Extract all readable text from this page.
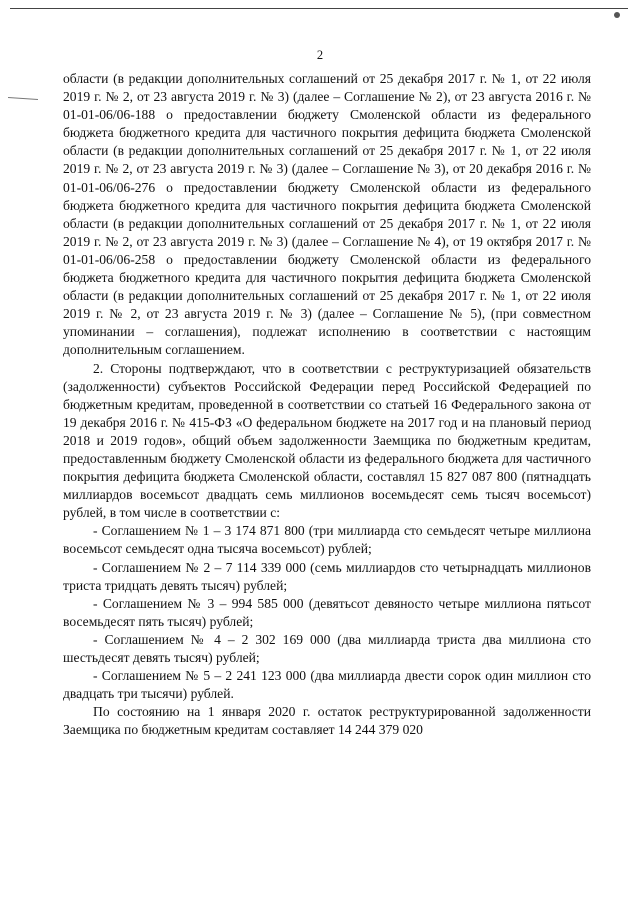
2

области (в редакции дополнительных соглашений от 25 декабря 2017 г. № 1, от 22 июля 2019 г. № 2, от 23 августа 2019 г. № 3) (далее – Соглашение № 2), от 23 августа 2016 г. № 01-01-06/06-188 о предоставлении бюджету Смоленской области из федерального бюджета бюджетного кредита для частичного покрытия дефицита бюджета Смоленской области (в редакции дополнительных соглашений от 25 декабря 2017 г. № 1, от 22 июля 2019 г. № 2, от 23 августа 2019 г. № 3) (далее – Соглашение № 3), от 20 декабря 2016 г. № 01-01-06/06-276 о предоставлении бюджету Смоленской области из федерального бюджета бюджетного кредита для частичного покрытия дефицита бюджета Смоленской области (в редакции дополнительных соглашений от 25 декабря 2017 г. № 1, от 22 июля 2019 г. № 2, от 23 августа 2019 г. № 3) (далее – Соглашение № 4), от 19 октября 2017 г. № 01-01-06/06-258 о предоставлении бюджету Смоленской области из федерального бюджета бюджетного кредита для частичного покрытия дефицита бюджета Смоленской области (в редакции дополнительных соглашений от 25 декабря 2017 г. № 1, от 22 июля 2019 г. № 2, от 23 августа 2019 г. № 3) (далее – Соглашение № 5), (при совместном упоминании – соглашения), подлежат исполнению в соответствии с настоящим дополнительным соглашением.

2. Стороны подтверждают, что в соответствии с реструктуризацией обязательств (задолженности) субъектов Российской Федерации перед Российской Федерацией по бюджетным кредитам, проведенной в соответствии со статьей 16 Федерального закона от 19 декабря 2016 г. № 415-ФЗ «О федеральном бюджете на 2017 год и на плановый период 2018 и 2019 годов», общий объем задолженности Заемщика по бюджетным кредитам, предоставленным бюджету Смоленской области из федерального бюджета для частичного покрытия дефицита бюджета Смоленской области, составлял 15 827 087 800 (пятнадцать миллиардов восемьсот двадцать семь миллионов восемьдесят семь тысяч восемьсот) рублей, в том числе в соответствии с:

- Соглашением № 1 – 3 174 871 800 (три миллиарда сто семьдесят четыре миллиона восемьсот семьдесят одна тысяча восемьсот) рублей;

- Соглашением № 2 – 7 114 339 000 (семь миллиардов сто четырнадцать миллионов триста тридцать девять тысяч) рублей;

- Соглашением № 3 – 994 585 000 (девятьсот девяносто четыре миллиона пятьсот восемьдесят пять тысяч) рублей;

- Соглашением № 4 – 2 302 169 000 (два миллиарда триста два миллиона сто шестьдесят девять тысяч) рублей;

- Соглашением № 5 – 2 241 123 000 (два миллиарда двести сорок один миллион сто двадцать три тысячи) рублей.

По состоянию на 1 января 2020 г. остаток реструктурированной задолженности Заемщика по бюджетным кредитам составляет 14 244 379 020
